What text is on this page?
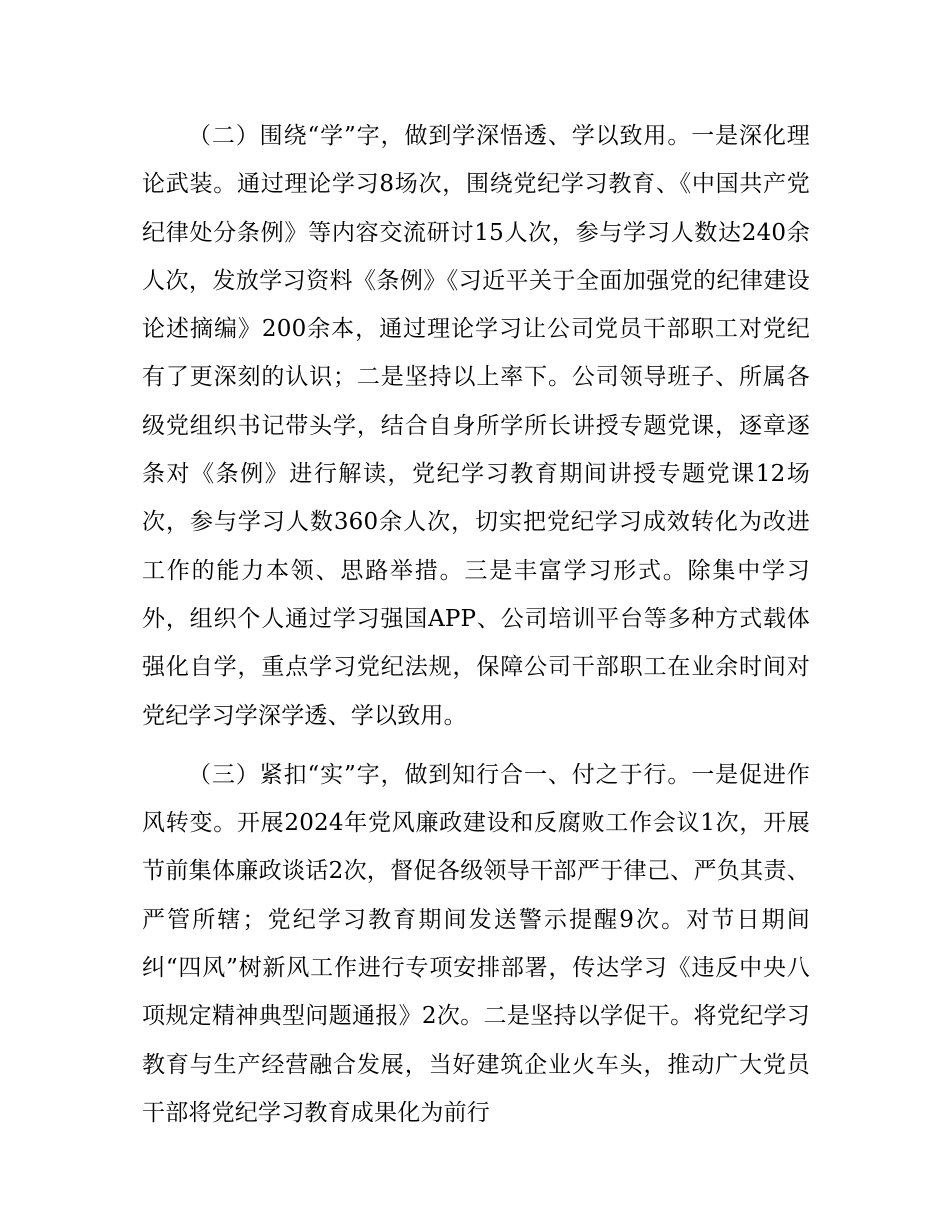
（二）围绕“学”字，做到学深悟透、学以致用。一是深化理论武装。通过理论学习8场次，围绕党纪学习教育、《中国共产党纪律处分条例》等内容交流研讨15人次，参与学习人数达240余人次，发放学习资料《条例》《习近平关于全面加强党的纪律建设论述摘编》200余本，通过理论学习让公司党员干部职工对党纪有了更深刻的认识；二是坚持以上率下。公司领导班子、所属各级党组织书记带头学，结合自身所学所长讲授专题党课，逐章逐条对《条例》进行解读，党纪学习教育期间讲授专题党课12场次，参与学习人数360余人次，切实把党纪学习成效转化为改进工作的能力本领、思路举措。三是丰富学习形式。除集中学习外，组织个人通过学习强国APP、公司培训平台等多种方式载体强化自学，重点学习党纪法规，保障公司干部职工在业余时间对党纪学习学深学透、学以致用。

（三）紧扣“实”字，做到知行合一、付之于行。一是促进作风转变。开展2024年党风廉政建设和反腐败工作会议1次，开展节前集体廉政谈话2次，督促各级领导干部严于律己、严负其责、严管所辖；党纪学习教育期间发送警示提醒9次。对节日期间纠“四风”树新风工作进行专项安排部署，传达学习《违反中央八项规定精神典型问题通报》2次。二是坚持以学促干。将党纪学习教育与生产经营融合发展，当好建筑企业火车头，推动广大党员干部将党纪学习教育成果化为前行
